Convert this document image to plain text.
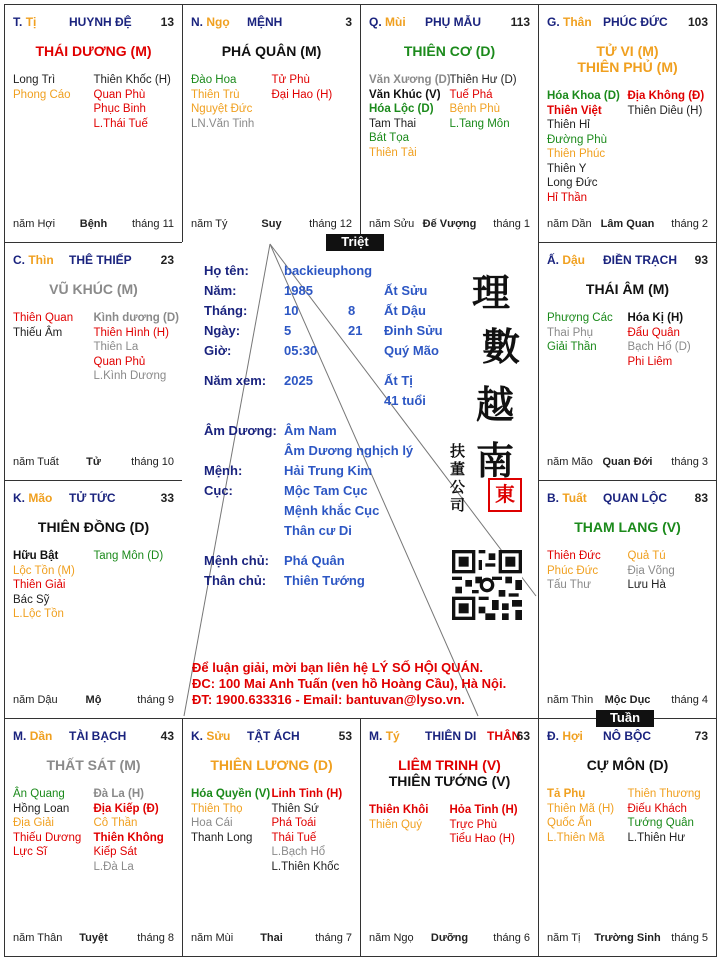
T. Tị	HUYNH ĐỆ 13
THÁI DƯƠNG (M)
Long Trì
Phong Cáo
Thiên Khốc (H)
Quan Phù
Phục Binh
L.Thái Tuế
năm Hợi	Bệnh	tháng 11
N. Ngọ MỆNH	3
PHÁ QUÂN (M)
Đào Hoa
Thiên Trù
Nguyệt Đức
LN.Văn Tinh
Tử Phù
Đại Hao (H)
năm Tý	Suy	tháng 12
Q. Mùi PHỤ MẪU 113
THIÊN CƠ (D)
Văn Xương (D)
Văn Khúc (V)
Hóa Lộc (D)
Tam Thai
Bát Tọa
Thiên Tài
Thiên Hư (D)
Tuế Phá
Bệnh Phù
L.Tang Môn
năm Sửu Đế Vượng	tháng 1
G. Thân PHÚC ĐỨC 103
TỬ VI (M)
THIÊN PHỦ (M)
Hóa Khoa (D)
Thiên Việt
Thiên Hỉ
Đường Phù
Thiên Phúc
Thiên Y
Long Đức
Hỉ Thần
Địa Không (Đ)
Thiên Diêu (H)
năm Dần Lâm Quan	tháng 2
C. Thìn THÊ THIẾP 23
VŨ KHÚC (M)
Thiên Quan
Thiếu Âm
Kình dương (D)
Thiên Hình (H)
Thiên La
Quan Phủ
L.Kình Dương
năm Tuất	Tử	tháng 10
Ấ. Dậu ĐIỀN TRẠCH 93
THÁI ÂM (M)
Phượng Các
Thai Phụ
Giải Thần
Hóa Kị (H)
Đẩu Quân
Bạch Hổ (D)
Phi Liêm
năm Mão Quan Đới	tháng 3
K. Mão TỬ TỨC	33
THIÊN ĐỒNG (D)
Hữu Bật
Lộc Tồn (M)
Thiên Giải
Bác Sỹ
L.Lộc Tồn
Tang Môn (D)
năm Dậu	Mộ	tháng 9
B. Tuất QUAN LỘC 83
THAM LANG (V)
Thiên Đức
Phúc Đức
Tấu Thư
Quả Tú
Địa Võng
Lưu Hà
năm Thìn	Mộc Dục	tháng 4
M. Dần TÀI BẠCH	43
THẤT SÁT (M)
Ân Quang
Hồng Loan
Địa Giải
Thiếu Dương
Lực Sĩ
Đà La (H)
Địa Kiếp (Đ)
Cô Thần
Thiên Không
Kiếp Sát
L.Đà La
năm Thân	Tuyệt	tháng 8
K. Sửu TẬT ÁCH	53
THIÊN LƯƠNG (D)
Hóa Quyền (V)
Thiên Thọ
Hoa Cái
Thanh Long
Linh Tinh (H)
Thiên Sứ
Phá Toái
Thái Tuế
L.Bạch Hổ
L.Thiên Khốc
năm Mùi	Thai	tháng 7
M. Tý THIÊN DI THÂN
63
LIÊM TRINH (V)
THIÊN TƯỚNG (V)
Thiên Khôi
Thiên Quý
Hỏa Tinh (H)
Trực Phù
Tiểu Hao (H)
năm Ngọ	Dưỡng	tháng 6
Đ. Hợi NÔ BỘC	73
CỰ MÔN (D)
Tả Phụ
Thiên Mã (H)
Quốc Ấn
L.Thiên Mã
Thiên Thương
Điếu Khách
Tướng Quân
L.Thiên Hư
năm Tị	Trường Sinh tháng 5
Họ tên:	backieuphong
Năm:	1985	Ất Sửu
Tháng:	10	8 Ất Dậu
Ngày:	5	21 Đinh Sửu
Giờ:	05:30	Quý Mão
Năm xem: 2025	Ất Tị
41 tuổi
Âm Dương: Âm Nam
Âm Dương nghịch lý
Mệnh:	Hải Trung Kim
Cục:	Mộc Tam Cục
Mệnh khắc Cục
Thân cư Di
Mệnh chủ: Phá Quân
Thân chủ: Thiên Tướng
理
數
越
南
扶
董
公
司	東
Để luận giải, mời bạn liên hệ LÝ SỐ HỘI QUÁN.
ĐC: 100 Mai Anh Tuấn (ven hồ Hoàng Cầu), Hà Nội.
ĐT: 1900.633316 - Email: bantuvan@lyso.vn.
Triệt
Tuần
